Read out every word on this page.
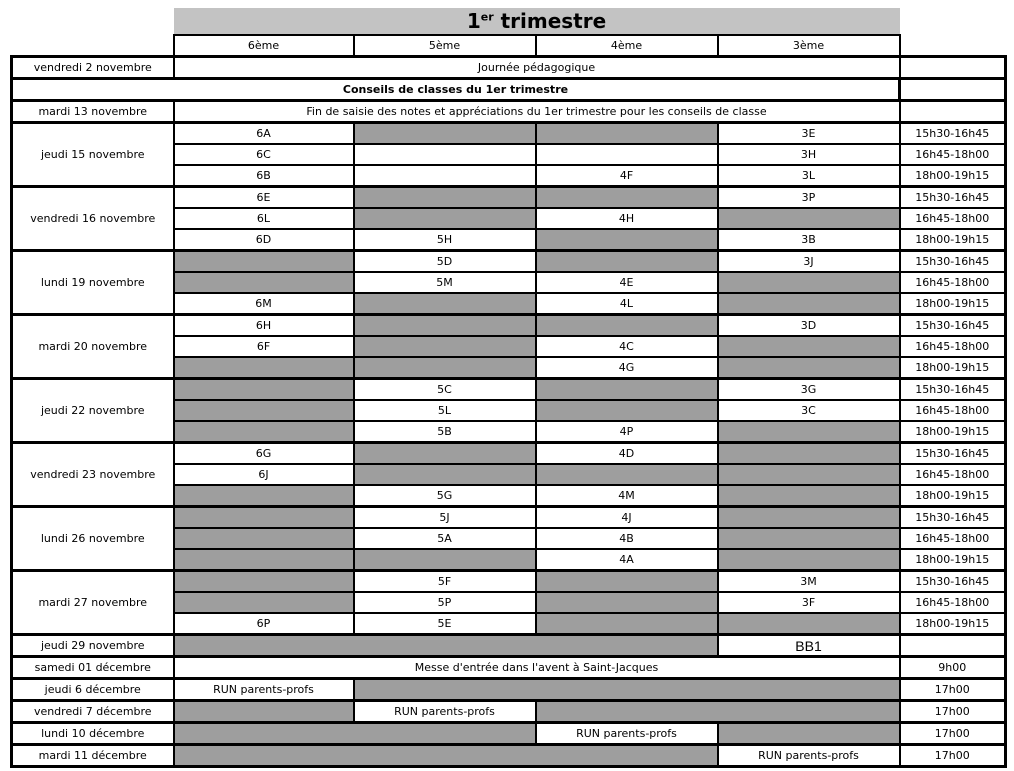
	1er trimestre				
	6ème	5ème	4ème	3ème	
vendredi 2 novembre	Journée pédagogique				
Conseils de classes du 1er trimestre					
mardi 13 novembre	Fin de saisie des notes et appréciations du 1er trimestre pour les conseils de classe				
jeudi 15 novembre	6A			3E	15h30-16h45
	6C			3H	16h45-18h00
	6B		4F	3L	18h00-19h15
vendredi 16 novembre	6E			3P	15h30-16h45
	6L		4H		16h45-18h00
	6D	5H		3B	18h00-19h15
lundi 19 novembre		5D		3J	15h30-16h45
		5M	4E		16h45-18h00
	6M		4L		18h00-19h15
mardi 20 novembre	6H			3D	15h30-16h45
	6F		4C		16h45-18h00
			4G		18h00-19h15
jeudi 22 novembre		5C		3G	15h30-16h45
		5L		3C	16h45-18h00
		5B	4P		18h00-19h15
vendredi 23 novembre	6G		4D		15h30-16h45
	6J				16h45-18h00
		5G	4M		18h00-19h15
lundi 26 novembre		5J	4J		15h30-16h45
		5A	4B		16h45-18h00
			4A		18h00-19h15
mardi 27 novembre		5F		3M	15h30-16h45
		5P		3F	16h45-18h00
	6P	5E			18h00-19h15
jeudi 29 novembre				BB1	
samedi 01 décembre	Messe d'entrée dans l'avent à Saint-Jacques				9h00
jeudi 6 décembre	RUN parents-profs				17h00
vendredi 7 décembre		RUN parents-profs			17h00
lundi 10 décembre			RUN parents-profs		17h00
mardi 11 décembre				RUN parents-profs	17h00
